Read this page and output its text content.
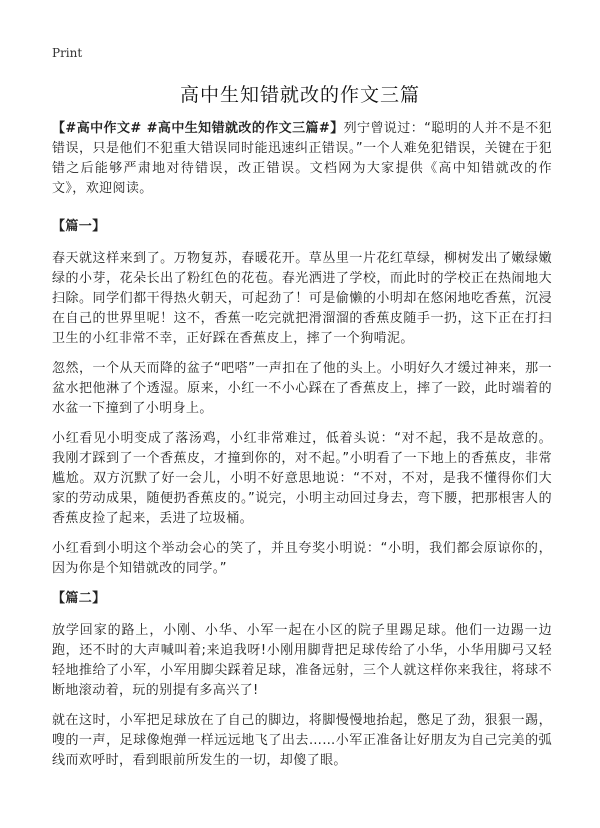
Print
高中生知错就改的作文三篇

【#高中作文# #高中生知错就改的作文三篇#】列宁曾说过：“聪明的人并不是不犯错误，只是他们不犯重大错误同时能迅速纠正错误。”一个人难免犯错误，关键在于犯错之后能够严肃地对待错误，改正错误。文档网为大家提供《高中知错就改的作文》，欢迎阅读。

【篇一】

春天就这样来到了。万物复苏，春暖花开。草丛里一片花红草绿，柳树发出了嫩绿嫩绿的小芽，花朵长出了粉红色的花苞。春光洒进了学校，而此时的学校正在热闹地大扫除。同学们都干得热火朝天，可起劲了！可是偷懒的小明却在悠闲地吃香蕉，沉浸在自己的世界里呢！这不，香蕉一吃完就把滑溜溜的香蕉皮随手一扔，这下正在打扫卫生的小红非常不幸，正好踩在香蕉皮上，摔了一个狗啃泥。

忽然，一个从天而降的盆子“吧嗒”一声扣在了他的头上。小明好久才缓过神来，那一盆水把他淋了个透湿。原来，小红一不小心踩在了香蕉皮上，摔了一跤，此时端着的水盆一下撞到了小明身上。

小红看见小明变成了落汤鸡，小红非常难过，低着头说：“对不起，我不是故意的。我刚才踩到了一个香蕉皮，才撞到你的，对不起。”小明看了一下地上的香蕉皮，非常尴尬。双方沉默了好一会儿，小明不好意思地说：“不对，不对，是我不懂得你们大家的劳动成果，随便扔香蕉皮的。”说完，小明主动回过身去，弯下腰，把那根害人的香蕉皮捡了起来，丢进了垃圾桶。

小红看到小明这个举动会心的笑了，并且夸奖小明说：“小明，我们都会原谅你的，因为你是个知错就改的同学。”

【篇二】

放学回家的路上，小刚、小华、小军一起在小区的院子里踢足球。他们一边踢一边跑，还不时的大声喊叫着;来追我呀!小刚用脚背把足球传给了小华，小华用脚弓又轻轻地推给了小军，小军用脚尖踩着足球，准备远射，三个人就这样你来我往，将球不断地滚动着，玩的别提有多高兴了!

就在这时，小军把足球放在了自己的脚边，将脚慢慢地抬起，憋足了劲，狠狠一踢，嗖的一声，足球像炮弹一样远远地飞了出去……小军正准备让好朋友为自己完美的弧线而欢呼时，看到眼前所发生的一切，却傻了眼。
